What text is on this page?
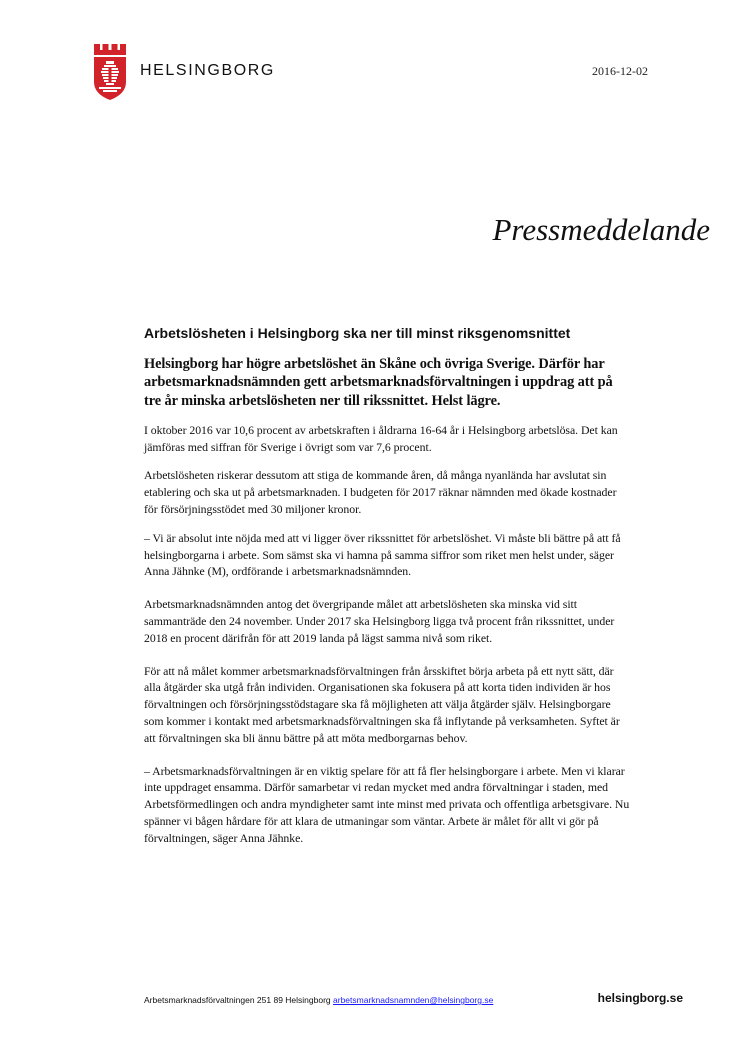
HELSINGBORG	2016-12-02
Pressmeddelande
Arbetslösheten i Helsingborg ska ner till minst riksgenomsnittet

Helsingborg har högre arbetslöshet än Skåne och övriga Sverige. Därför har arbetsmarknadsnämnden gett arbetsmarknadsförvaltningen i uppdrag att på tre år minska arbetslösheten ner till rikssnittet. Helst lägre.

I oktober 2016 var 10,6 procent av arbetskraften i åldrarna 16-64 år i Helsingborg arbetslösa. Det kan jämföras med siffran för Sverige i övrigt som var 7,6 procent.

Arbetslösheten riskerar dessutom att stiga de kommande åren, då många nyanlända har avslutat sin etablering och ska ut på arbetsmarknaden. I budgeten för 2017 räknar nämnden med ökade kostnader för försörjningsstödet med 30 miljoner kronor.

– Vi är absolut inte nöjda med att vi ligger över rikssnittet för arbetslöshet. Vi måste bli bättre på att få helsingborgarna i arbete. Som sämst ska vi hamna på samma siffror som riket men helst under, säger Anna Jähnke (M), ordförande i arbetsmarknadsnämnden.

Arbetsmarknadsnämnden antog det övergripande målet att arbetslösheten ska minska vid sitt sammanträde den 24 november. Under 2017 ska Helsingborg ligga två procent från rikssnittet, under 2018 en procent därifrån för att 2019 landa på lägst samma nivå som riket.

För att nå målet kommer arbetsmarknadsförvaltningen från årsskiftet börja arbeta på ett nytt sätt, där alla åtgärder ska utgå från individen. Organisationen ska fokusera på att korta tiden individen är hos förvaltningen och försörjningsstödstagare ska få möjligheten att välja åtgärder själv. Helsingborgare som kommer i kontakt med arbetsmarknadsförvaltningen ska få inflytande på verksamheten. Syftet är att förvaltningen ska bli ännu bättre på att möta medborgarnas behov.

– Arbetsmarknadsförvaltningen är en viktig spelare för att få fler helsingborgare i arbete. Men vi klarar inte uppdraget ensamma. Därför samarbetar vi redan mycket med andra förvaltningar i staden, med Arbetsförmedlingen och andra myndigheter samt inte minst med privata och offentliga arbetsgivare. Nu spänner vi bågen hårdare för att klara de utmaningar som väntar. Arbete är målet för allt vi gör på förvaltningen, säger Anna Jähnke.

Arbetsmarknadsförvaltningen 251 89 Helsingborg arbetsmarknadsnamnden@helsingborg.se	helsingborg.se
